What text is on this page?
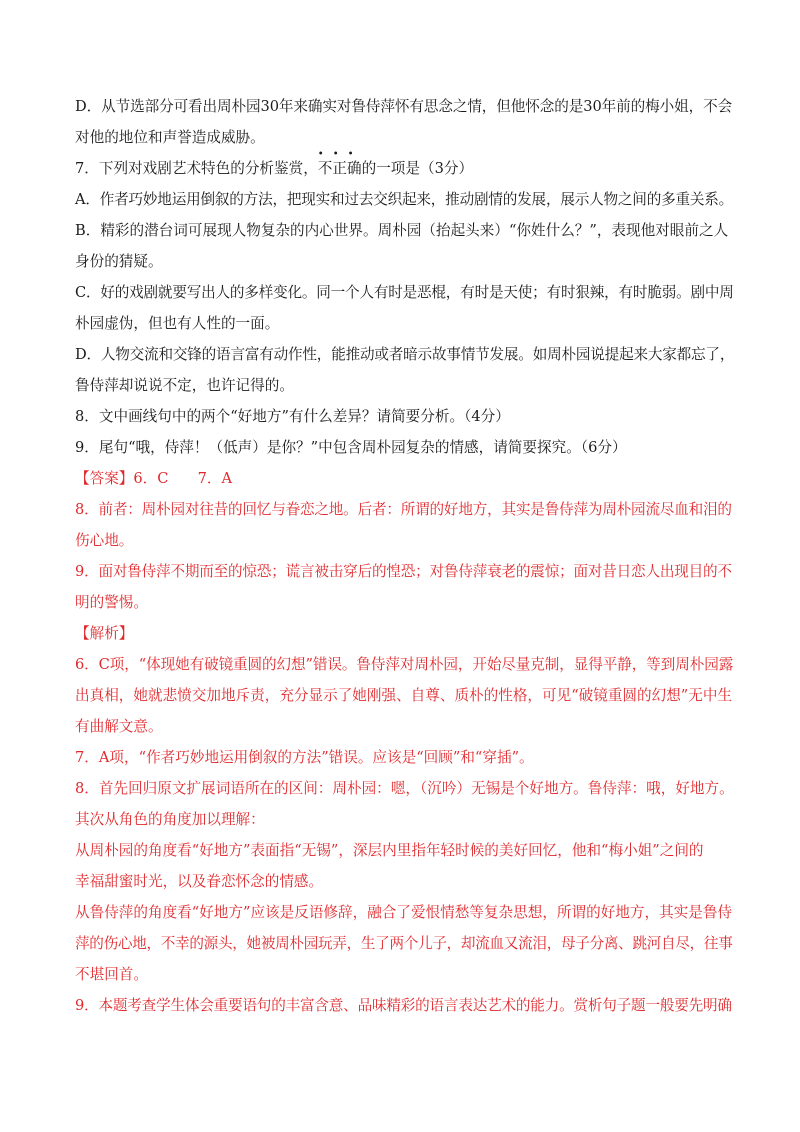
D．从节选部分可看出周朴园30年来确实对鲁侍萍怀有思念之情，但他怀念的是30年前的梅小姐，不会
对他的地位和声誉造成威胁。
7．下列对戏剧艺术特色的分析鉴赏，
•••
不正确的一项是（3分）
A．作者巧妙地运用倒叙的方法，把现实和过去交织起来，推动剧情的发展，展示人物之间的多重关系。
B．精彩的潜台词可展现人物复杂的内心世界。周朴园（抬起头来）“你姓什么？”，表现他对眼前之人
身份的猜疑。
C．好的戏剧就要写出人的多样变化。同一个人有时是恶棍，有时是天使；有时狠辣，有时脆弱。剧中周
朴园虚伪，但也有人性的一面。
D．人物交流和交锋的语言富有动作性，能推动或者暗示故事情节发展。如周朴园说提起来大家都忘了，
鲁侍萍却说说不定，也许记得的。
8．文中画线句中的两个“好地方”有什么差异？请简要分析。（4分）
9．尾句“哦，侍萍！（低声）是你？”中包含周朴园复杂的情感，请简要探究。（6分）
【答案】6．C　　7．A
8．前者：周朴园对往昔的回忆与眷恋之地。后者：所谓的好地方，其实是鲁侍萍为周朴园流尽血和泪的
伤心地。
9．面对鲁侍萍不期而至的惊恐；谎言被击穿后的惶恐；对鲁侍萍衰老的震惊；面对昔日恋人出现目的不
明的警惕。
【解析】
6．C项，“体现她有破镜重圆的幻想”错误。鲁侍萍对周朴园，开始尽量克制，显得平静，等到周朴园露
出真相，她就悲愤交加地斥责，充分显示了她刚强、自尊、质朴的性格，可见“破镜重圆的幻想”无中生
有曲解文意。
7．A项，“作者巧妙地运用倒叙的方法”错误。应该是“回顾”和“穿插”。
8．首先回归原文扩展词语所在的区间：周朴园：嗯，（沉吟）无锡是个好地方。鲁侍萍：哦，好地方。
其次从角色的角度加以理解：
从周朴园的角度看“好地方”表面指“无锡”，深层内里指年轻时候的美好回忆，他和“梅小姐”之间的
幸福甜蜜时光，以及眷恋怀念的情感。
从鲁侍萍的角度看“好地方”应该是反语修辞，融合了爱恨情愁等复杂思想，所谓的好地方，其实是鲁侍
萍的伤心地，不幸的源头，她被周朴园玩弄，生了两个儿子，却流血又流泪，母子分离、跳河自尽，往事
不堪回首。
9．本题考查学生体会重要语句的丰富含意、品味精彩的语言表达艺术的能力。赏析句子题一般要先明确
